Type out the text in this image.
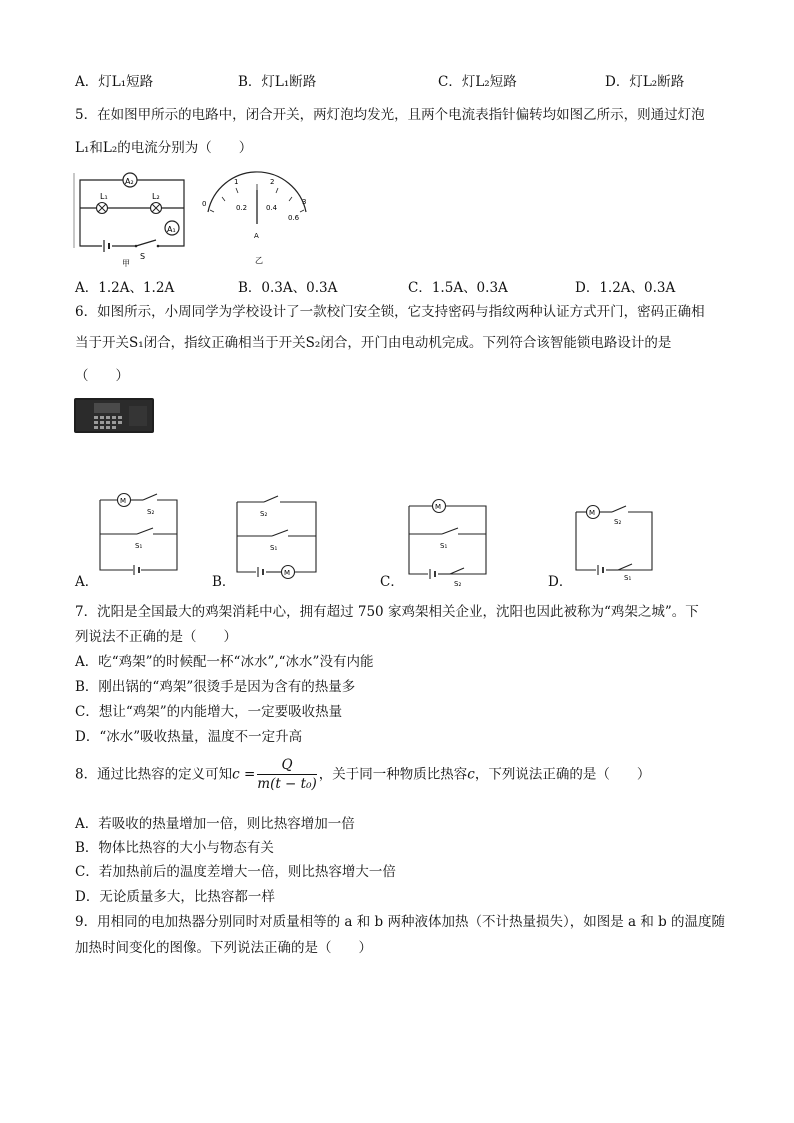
A．灯L₁短路	B．灯L₁断路	C．灯L₂短路	D．灯L₂断路
5．在如图甲所示的电路中，闭合开关，两灯泡均发光，且两个电流表指针偏转均如图乙所示，则通过灯泡
L₁和L₂的电流分别为（　　）
A₂
L₁	L₂
A₁
S
甲
0	0.2	0.4
0.6
1	2
3
A
乙
A．1.2A、1.2A	B．0.3A、0.3A	C．1.5A、0.3A	D．1.2A、0.3A
6．如图所示，小周同学为学校设计了一款校门安全锁，它支持密码与指纹两种认证方式开门，密码正确相
当于开关S₁闭合，指纹正确相当于开关S₂闭合，开门由电动机完成。下列符合该智能锁电路设计的是
（　　）
M
S₂
S₁
A．
S₂
S₁
M
B．
M
S₁
S₂
C．
M
S₂
S₁
D．
7．沈阳是全国最大的鸡架消耗中心，拥有超过 750 家鸡架相关企业，沈阳也因此被称为“鸡架之城”。下
列说法不正确的是（　　）
A．吃“鸡架”的时候配一杯“冰水”,“冰水”没有内能
B．刚出锅的“鸡架”很烫手是因为含有的热量多
C．想让“鸡架”的内能增大，一定要吸收热量
D．“冰水”吸收热量，温度不一定升高
8．通过比热容的定义可知$c = \frac{Q}{\text{m(t − t₀)}}$ ，关于同一种物质比热容c，下列说法正确的是（　　）
A．若吸收的热量增加一倍，则比热容增加一倍
B．物体比热容的大小与物态有关
C．若加热前后的温度差增大一倍，则比热容增大一倍
D．无论质量多大，比热容都一样
9．用相同的电加热器分别同时对质量相等的 a 和 b 两种液体加热（不计热量损失），如图是 a 和 b 的温度随
加热时间变化的图像。下列说法正确的是（　　）
